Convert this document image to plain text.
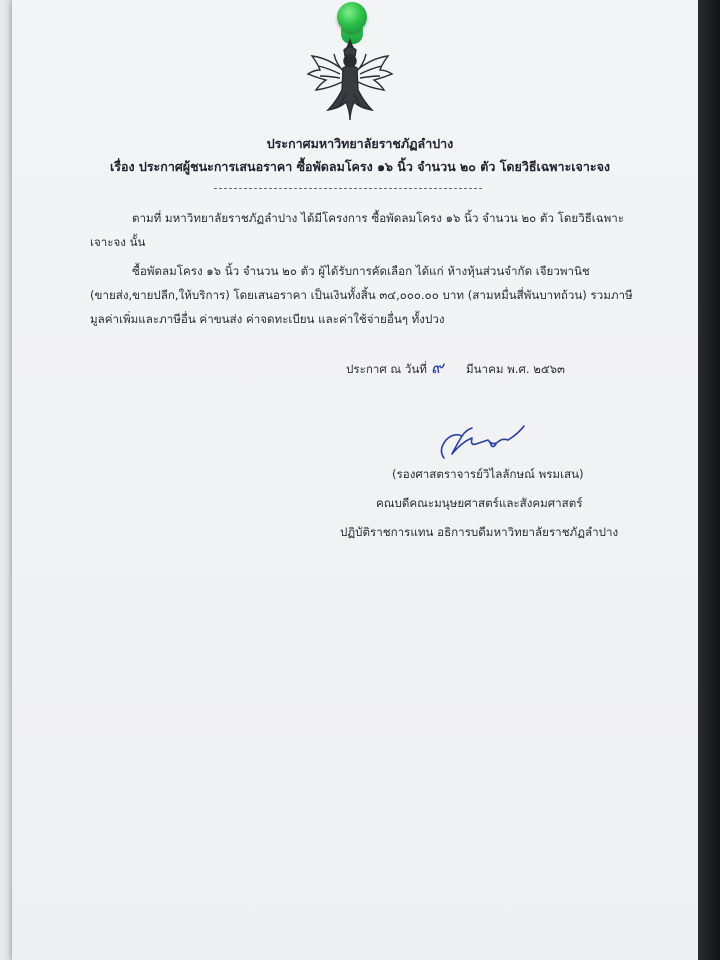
ประกาศมหาวิทยาลัยราชภัฏลำปาง
เรื่อง ประกาศผู้ชนะการเสนอราคา ซื้อพัดลมโครง ๑๖ นิ้ว จำนวน ๒๐ ตัว โดยวิธีเฉพาะเจาะจง
ตามที่ มหาวิทยาลัยราชภัฏลำปาง ได้มีโครงการ ซื้อพัดลมโครง ๑๖ นิ้ว จำนวน ๒๐ ตัว โดยวิธีเฉพาะ
เจาะจง นั้น
ซื้อพัดลมโครง ๑๖ นิ้ว จำนวน ๒๐ ตัว ผู้ได้รับการคัดเลือก ได้แก่ ห้างหุ้นส่วนจำกัด เจียวพานิช
(ขายส่ง,ขายปลีก,ให้บริการ) โดยเสนอราคา เป็นเงินทั้งสิ้น ๓๔,๐๐๐.๐๐ บาท (สามหมื่นสี่พันบาทถ้วน) รวมภาษี
มูลค่าเพิ่มและภาษีอื่น ค่าขนส่ง ค่าจดทะเบียน และค่าใช้จ่ายอื่นๆ ทั้งปวง
ประกาศ ณ วันที่ ๙ มีนาคม พ.ศ. ๒๕๖๓
(รองศาสตราจารย์วิไลลักษณ์ พรมเสน)
คณบดีคณะมนุษยศาสตร์และสังคมศาสตร์
ปฏิบัติราชการแทน อธิการบดีมหาวิทยาลัยราชภัฏลำปาง
